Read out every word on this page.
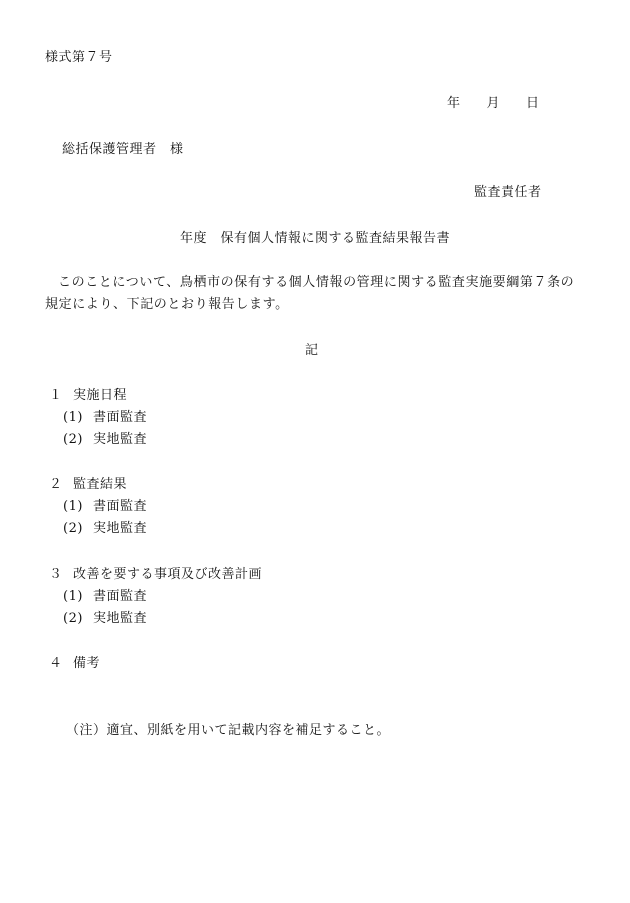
様式第７号
年 月 日
総括保護管理者　様
監査責任者
年度　保有個人情報に関する監査結果報告書
このことについて、鳥栖市の保有する個人情報の管理に関する監査実施要綱第７条の規定により、下記のとおり報告します。
記
１ 実施日程
(1) 書面監査
(2) 実地監査
２ 監査結果
(1) 書面監査
(2) 実地監査
３ 改善を要する事項及び改善計画
(1) 書面監査
(2) 実地監査
４ 備考
（注）適宜、別紙を用いて記載内容を補足すること。
